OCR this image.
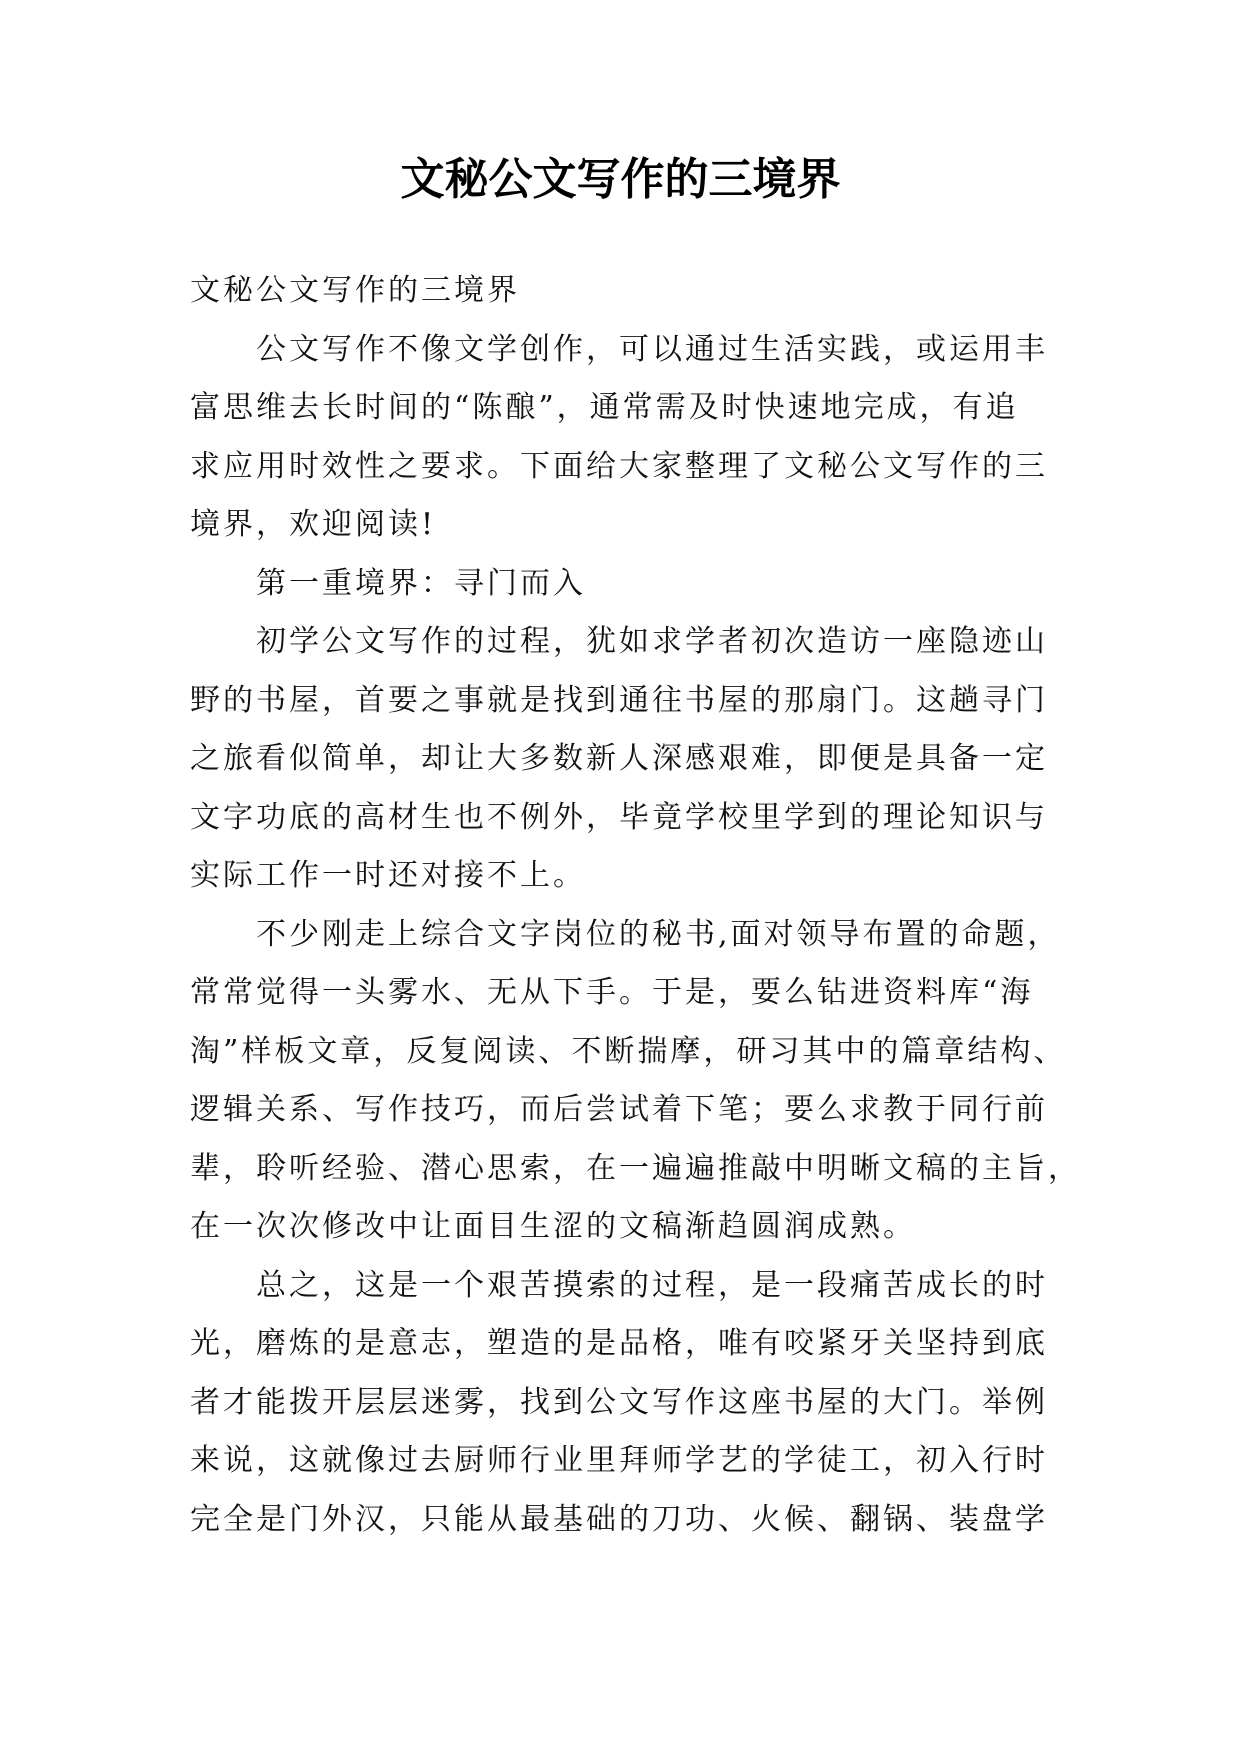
文秘公文写作的三境界
文秘公文写作的三境界
公文写作不像文学创作，可以通过生活实践，或运用丰
富思维去长时间的“陈酿”，通常需及时快速地完成，有追
求应用时效性之要求。下面给大家整理了文秘公文写作的三
境界，欢迎阅读!
第一重境界：寻门而入
初学公文写作的过程，犹如求学者初次造访一座隐迹山
野的书屋，首要之事就是找到通往书屋的那扇门。这趟寻门
之旅看似简单，却让大多数新人深感艰难，即便是具备一定
文字功底的高材生也不例外，毕竟学校里学到的理论知识与
实际工作一时还对接不上。
不少刚走上综合文字岗位的秘书,面对领导布置的命题，
常常觉得一头雾水、无从下手。于是，要么钻进资料库“海
淘”样板文章，反复阅读、不断揣摩，研习其中的篇章结构、
逻辑关系、写作技巧，而后尝试着下笔；要么求教于同行前
辈，聆听经验、潜心思索，在一遍遍推敲中明晰文稿的主旨，
在一次次修改中让面目生涩的文稿渐趋圆润成熟。
总之，这是一个艰苦摸索的过程，是一段痛苦成长的时
光，磨炼的是意志，塑造的是品格，唯有咬紧牙关坚持到底
者才能拨开层层迷雾，找到公文写作这座书屋的大门。举例
来说，这就像过去厨师行业里拜师学艺的学徒工，初入行时
完全是门外汉，只能从最基础的刀功、火候、翻锅、装盘学
